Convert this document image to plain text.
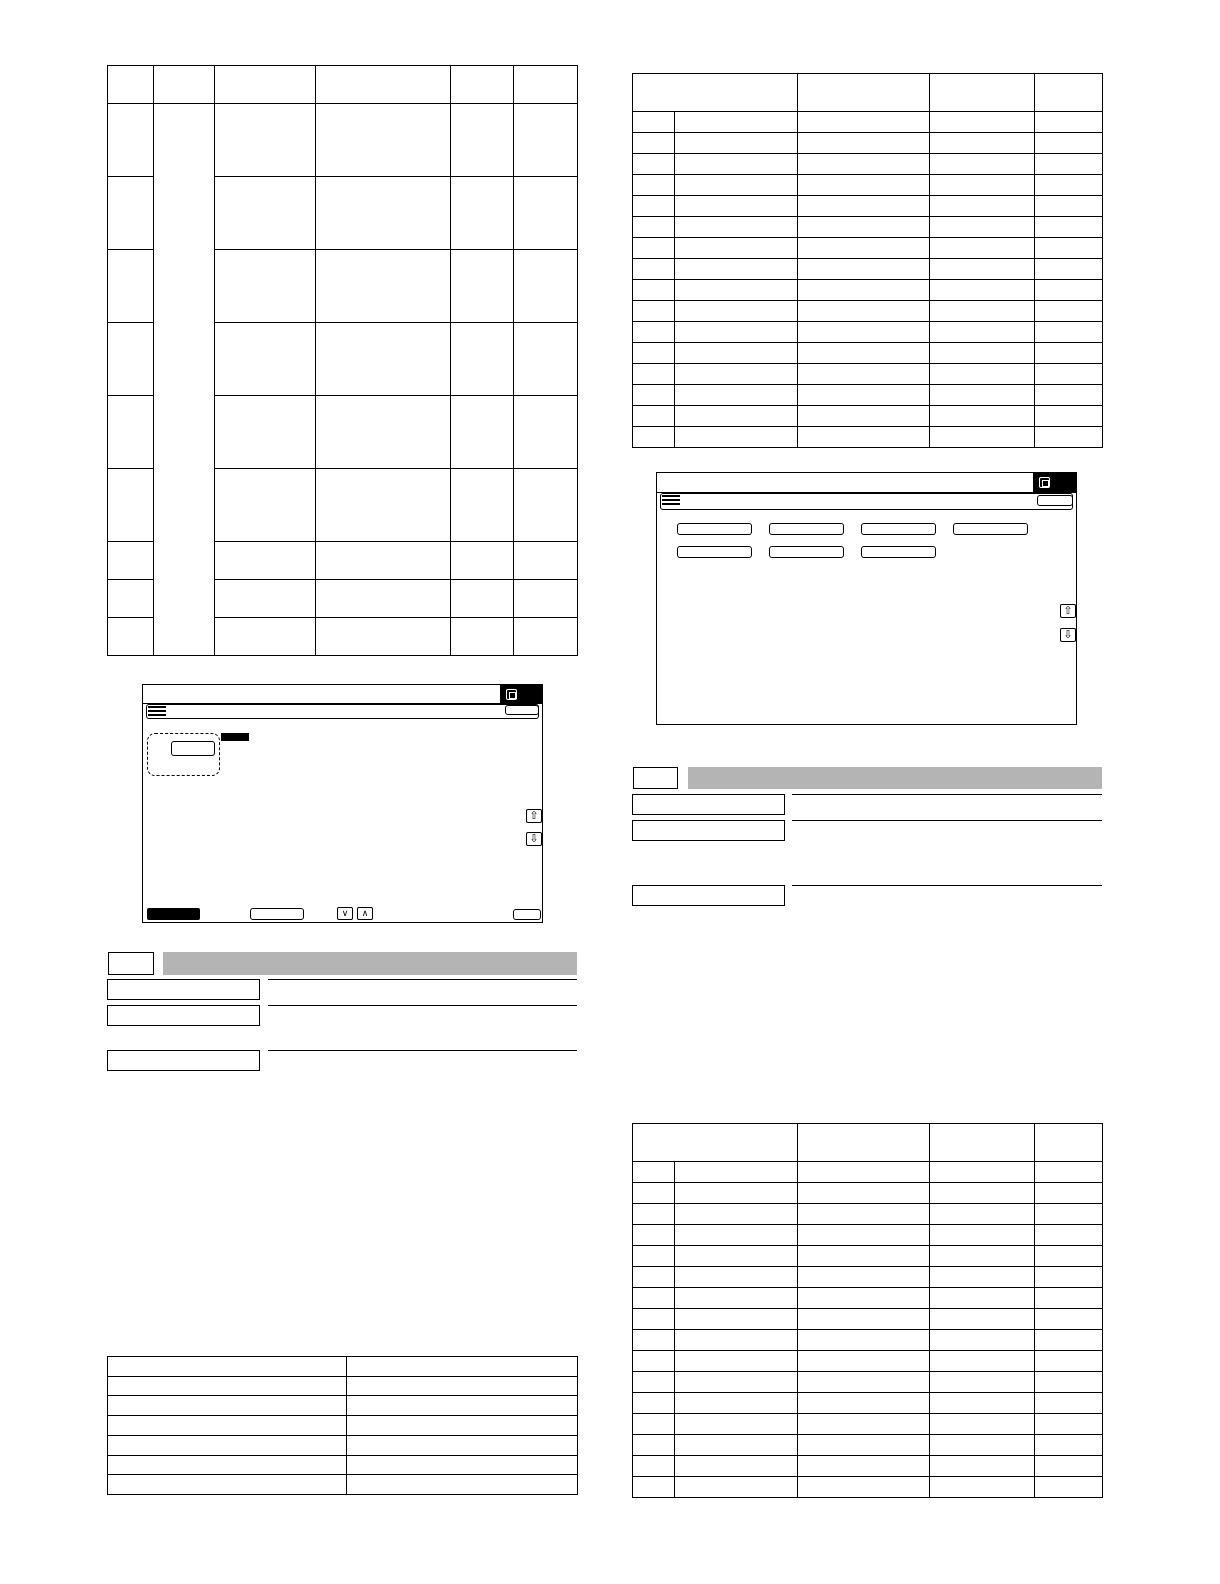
⇧
⇩
∨	∧

⇧
⇩
